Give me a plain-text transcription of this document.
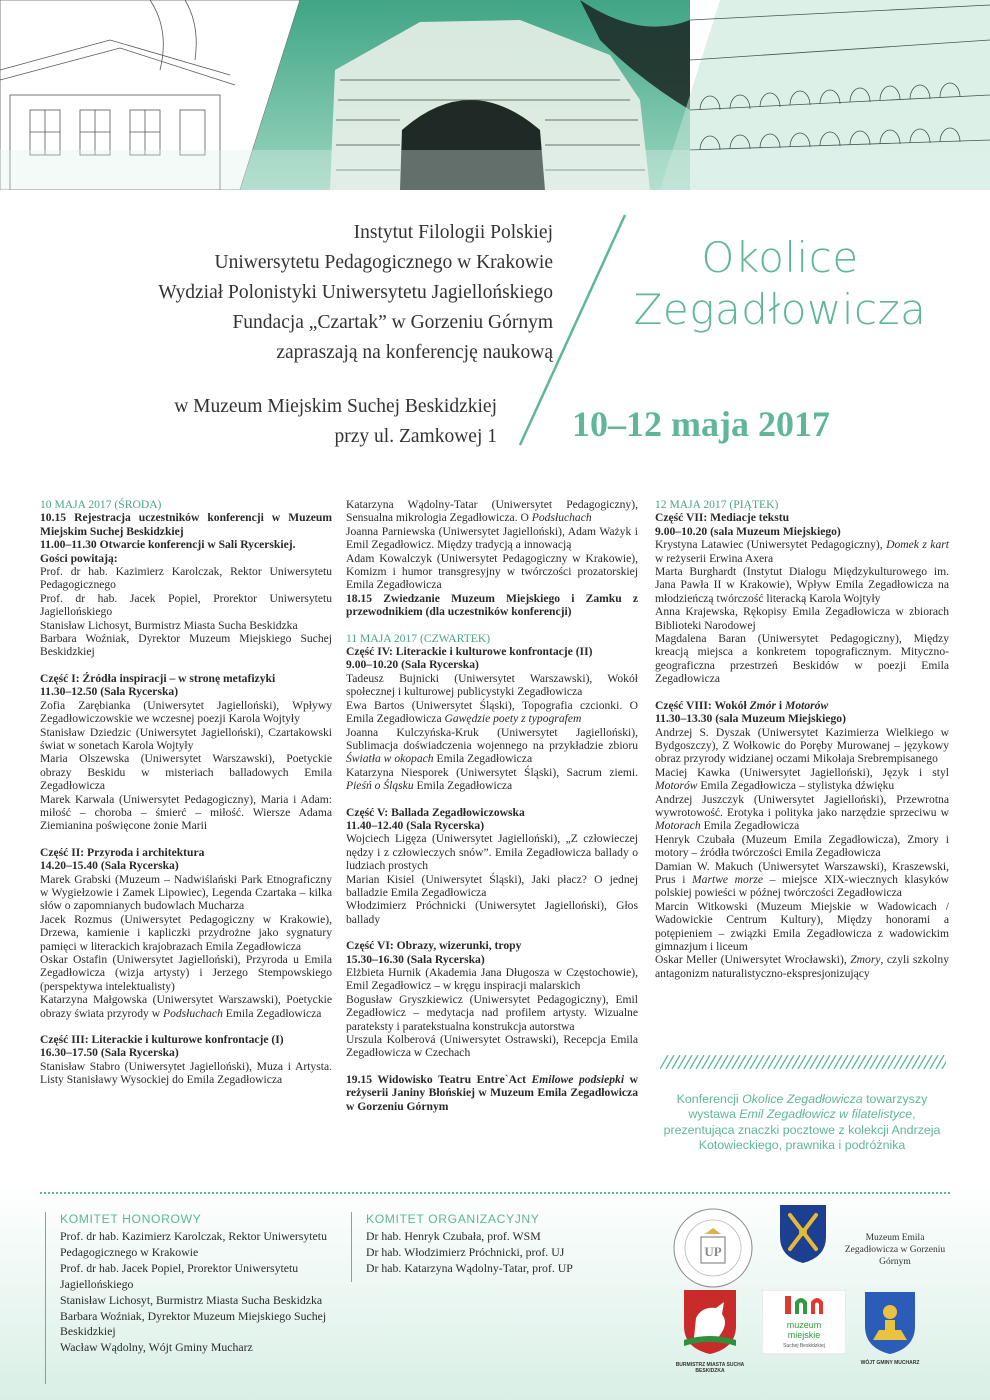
Instytut Filologii Polskiej
Uniwersytetu Pedagogicznego w Krakowie
Wydział Polonistyki Uniwersytetu Jagiellońskiego
Fundacja „Czartak” w Gorzeniu Górnym
zapraszają na konferencję naukową
w Muzeum Miejskim Suchej Beskidzkiej
przy ul. Zamkowej 1
Okolice
Zegadłowicza
10–12 maja 2017

10 MAJA 2017 (ŚRODA)

10.15 Rejestracja uczestników konferencji w Muzeum Miejskim Suchej Beskidzkiej

11.00–11.30 Otwarcie konferencji w Sali Rycerskiej.

Gości powitają:

Prof. dr hab. Kazimierz Karolczak, Rektor Uniwersytetu Pedagogicznego

Prof. dr hab. Jacek Popiel, Prorektor Uniwersytetu Jagiellońskiego

Stanisław Lichosyt, Burmistrz Miasta Sucha Beskidzka

Barbara Woźniak, Dyrektor Muzeum Miejskiego Suchej Beskidzkiej

Część I: Źródła inspiracji – w stronę metafizyki

11.30–12.50 (Sala Rycerska)

Zofia Zarębianka (Uniwersytet Jagielloński), Wpływy Zegadłowiczowskie we wczesnej poezji Karola Wojtyły

Stanisław Dziedzic (Uniwersytet Jagielloński), Czartakowski świat w sonetach Karola Wojtyły

Maria Olszewska (Uniwersytet Warszawski), Poetyckie obrazy Beskidu w misteriach balladowych Emila Zegadłowicza

Marek Karwala (Uniwersytet Pedagogiczny), Maria i Adam: miłość – choroba – śmierć – miłość. Wiersze Adama Ziemianina poświęcone żonie Marii

Część II: Przyroda i architektura

14.20–15.40 (Sala Rycerska)

Marek Grabski (Muzeum – Nadwiślański Park Etnograficzny w Wygiełzowie i Zamek Lipowiec), Legenda Czartaka – kilka słów o zapomnianych budowlach Mucharza

Jacek Rozmus (Uniwersytet Pedagogiczny w Krakowie), Drzewa, kamienie i kapliczki przydrożne jako sygnatury pamięci w literackich krajobrazach Emila Zegadłowicza

Oskar Ostafin (Uniwersytet Jagielloński), Przyroda u Emila Zegadłowicza (wizja artysty) i Jerzego Stempowskiego (perspektywa intelektualisty)

Katarzyna Małgowska (Uniwersytet Warszawski), Poetyckie obrazy świata przyrody w Podsłuchach Emila Zegadłowicza

Część III: Literackie i kulturowe konfrontacje (I)

16.30–17.50 (Sala Rycerska)

Stanisław Stabro (Uniwersytet Jagielloński), Muza i Artysta. Listy Stanisławy Wysockiej do Emila Zegadłowicza

Katarzyna Wądolny-Tatar (Uniwersytet Pedagogiczny), Sensualna mikrologia Zegadłowicza. O Podsłuchach

Joanna Parniewska (Uniwersytet Jagielloński), Adam Ważyk i Emil Zegadłowicz. Między tradycją a innowacją

Adam Kowalczyk (Uniwersytet Pedagogiczny w Krakowie), Komizm i humor transgresyjny w twórczości prozatorskiej Emila Zegadłowicza

18.15 Zwiedzanie Muzeum Miejskiego i Zamku z przewodnikiem (dla uczestników konferencji)

11 MAJA 2017 (CZWARTEK)

Część IV: Literackie i kulturowe konfrontacje (II)

9.00–10.20 (Sala Rycerska)

Tadeusz Bujnicki (Uniwersytet Warszawski), Wokół społecznej i kulturowej publicystyki Zegadłowicza

Ewa Bartos (Uniwersytet Śląski), Topografia czcionki. O Emila Zegadłowicza Gawędzie poety z typografem

Joanna Kulczyńska-Kruk (Uniwersytet Jagielloński), Sublimacja doświadczenia wojennego na przykładzie zbioru Światła w okopach Emila Zegadłowicza

Katarzyna Niesporek (Uniwersytet Śląski), Sacrum ziemi. Pieśń o Śląsku Emila Zegadłowicza

Część V: Ballada Zegadłowiczowska

11.40–12.40 (Sala Rycerska)

Wojciech Ligęza (Uniwersytet Jagielloński), „Z człowieczej nędzy i z człowieczych snów”. Emila Zegadłowicza ballady o ludziach prostych

Marian Kisiel (Uniwersytet Śląski), Jaki płacz? O jednej balladzie Emila Zegadłowicza

Włodzimierz Próchnicki (Uniwersytet Jagielloński), Głos ballady

Część VI: Obrazy, wizerunki, tropy

15.30–16.30 (Sala Rycerska)

Elżbieta Hurnik (Akademia Jana Długosza w Częstochowie), Emil Zegadłowicz – w kręgu inspiracji malarskich

Bogusław Gryszkiewicz (Uniwersytet Pedagogiczny), Emil Zegadłowicz – medytacja nad profilem artysty. Wizualne parateksty i paratekstualna konstrukcja autorstwa

Urszula Kolberová (Uniwersytet Ostrawski), Recepcja Emila Zegadłowicza w Czechach

19.15 Widowisko Teatru Entre`Act Emilowe podsiepki w reżyserii Janiny Błońskiej w Muzeum Emila Zegadłowicza w Gorzeniu Górnym

12 MAJA 2017 (PIĄTEK)

Część VII: Mediacje tekstu

9.00–10.20 (sala Muzeum Miejskiego)

Krystyna Latawiec (Uniwersytet Pedagogiczny), Domek z kart w reżyserii Erwina Axera

Marta Burghardt (Instytut Dialogu Międzykulturowego im. Jana Pawła II w Krakowie), Wpływ Emila Zegadłowicza na młodzieńczą twórczość literacką Karola Wojtyły

Anna Krajewska, Rękopisy Emila Zegadłowicza w zbiorach Biblioteki Narodowej

Magdalena Baran (Uniwersytet Pedagogiczny), Między kreacją miejsca a konkretem topograficznym. Mityczno-geograficzna przestrzeń Beskidów w poezji Emila Zegadłowicza

Część VIII: Wokół Zmór i Motorów

11.30–13.30 (sala Muzeum Miejskiego)

Andrzej S. Dyszak (Uniwersytet Kazimierza Wielkiego w Bydgoszczy), Z Wołkowic do Poręby Murowanej – językowy obraz przyrody widzianej oczami Mikołaja Srebrempisanego

Maciej Kawka (Uniwersytet Jagielloński), Język i styl Motorów Emila Zegadłowicza – stylistyka dźwięku

Andrzej Juszczyk (Uniwersytet Jagielloński), Przewrotna wywrotowość. Erotyka i polityka jako narzędzie sprzeciwu w Motorach Emila Zegadłowicza

Henryk Czubała (Muzeum Emila Zegadłowicza), Zmory i motory – źródła twórczości Emila Zegadłowicza

Damian W. Makuch (Uniwersytet Warszawski), Kraszewski, Prus i Martwe morze – miejsce XIX-wiecznych klasyków polskiej powieści w późnej twórczości Zegadłowicza

Marcin Witkowski (Muzeum Miejskie w Wadowicach / Wadowickie Centrum Kultury), Między honorami a potępieniem – związki Emila Zegadłowicza z wadowickim gimnazjum i liceum

Oskar Meller (Uniwersytet Wrocławski), Zmory, czyli szkolny antagonizm naturalistyczno-ekspresjonizujący

Konferencji Okolice Zegadłowicza towarzyszy wystawa Emil Zegadłowicz w filatelistyce, prezentująca znaczki pocztowe z kolekcji Andrzeja Kotowieckiego, prawnika i podróżnika
KOMITET HONOROWY
Prof. dr hab. Kazimierz Karolczak, Rektor Uniwersytetu Pedagogicznego w Krakowie
Prof. dr hab. Jacek Popiel, Prorektor Uniwersytetu Jagiellońskiego
Stanisław Lichosyt, Burmistrz Miasta Sucha Beskidzka
Barbara Woźniak, Dyrektor Muzeum Miejskiego Suchej Beskidzkiej
Wacław Wądolny, Wójt Gminy Mucharz
KOMITET ORGANIZACYJNY
Dr hab. Henryk Czubała, prof. WSM
Dr hab. Włodzimierz Próchnicki, prof. UJ
Dr hab. Katarzyna Wądolny-Tatar, prof. UP
UP
Muzeum Emila Zegadłowicza w Gorzeniu Górnym
BURMISTRZ MIASTA SUCHA BESKIDZKA
muzeum
miejskie
Suchej Beskidzkiej
WÓJT GMINY MUCHARZ
